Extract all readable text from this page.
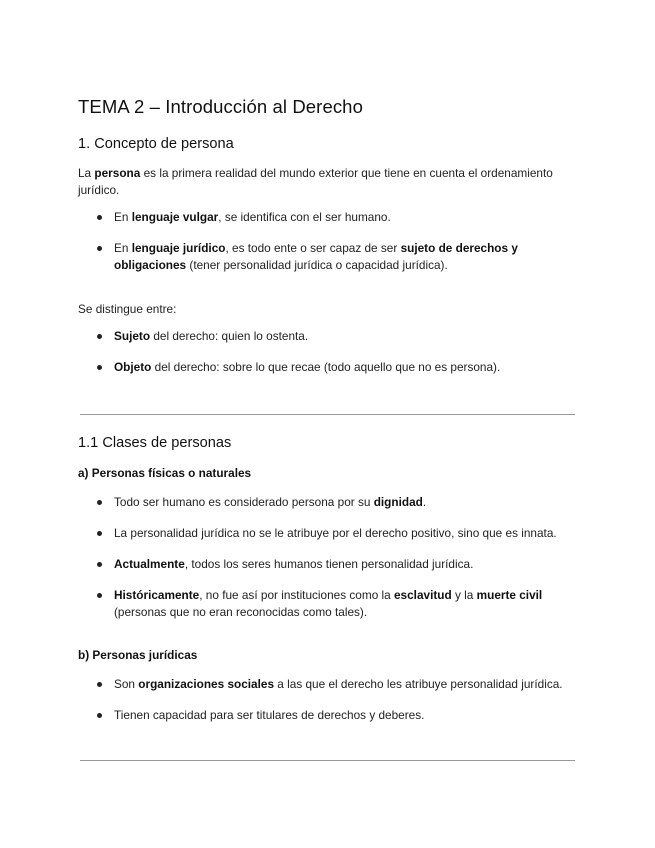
TEMA 2 – Introducción al Derecho
1. Concepto de persona

La persona es la primera realidad del mundo exterior que tiene en cuenta el ordenamiento jurídico.

En lenguaje vulgar, se identifica con el ser humano.

En lenguaje jurídico, es todo ente o ser capaz de ser sujeto de derechos y obligaciones (tener personalidad jurídica o capacidad jurídica).

Se distingue entre:

Sujeto del derecho: quien lo ostenta.

Objeto del derecho: sobre lo que recae (todo aquello que no es persona).

1.1 Clases de personas
a) Personas físicas o naturales

Todo ser humano es considerado persona por su dignidad.

La personalidad jurídica no se le atribuye por el derecho positivo, sino que es innata.

Actualmente, todos los seres humanos tienen personalidad jurídica.

Históricamente, no fue así por instituciones como la esclavitud y la muerte civil (personas que no eran reconocidas como tales).

b) Personas jurídicas

Son organizaciones sociales a las que el derecho les atribuye personalidad jurídica.

Tienen capacidad para ser titulares de derechos y deberes.
